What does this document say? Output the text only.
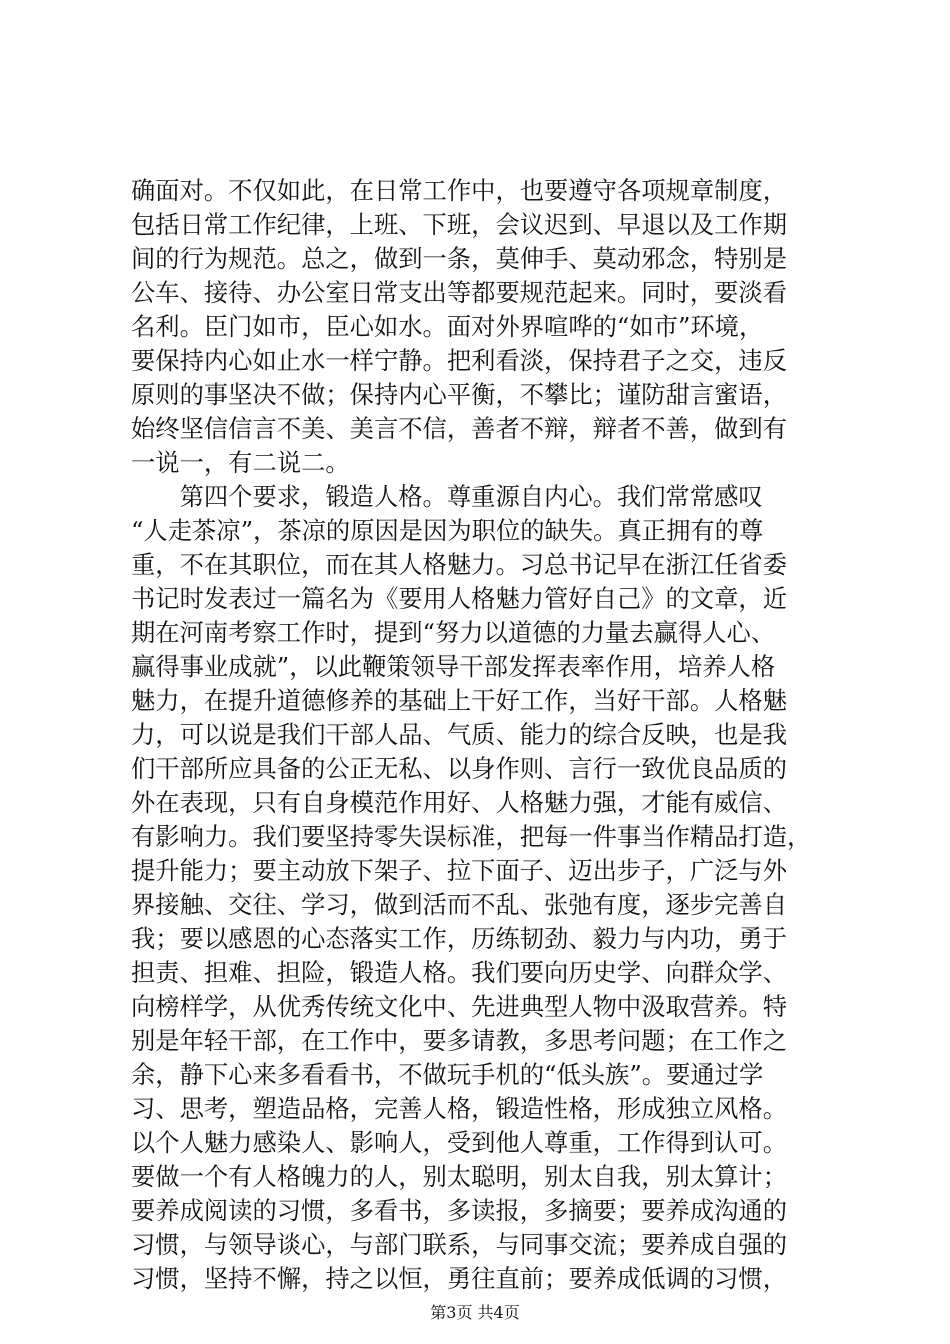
确面对。不仅如此，在日常工作中，也要遵守各项规章制度，
包括日常工作纪律，上班、下班，会议迟到、早退以及工作期
间的行为规范。总之，做到一条，莫伸手、莫动邪念，特别是
公车、接待、办公室日常支出等都要规范起来。同时，要淡看
名利。臣门如市，臣心如水。面对外界喧哗的“如市”环境，
要保持内心如止水一样宁静。把利看淡，保持君子之交，违反
原则的事坚决不做；保持内心平衡，不攀比；谨防甜言蜜语，
始终坚信信言不美、美言不信，善者不辩，辩者不善，做到有
一说一，有二说二。
　　第四个要求，锻造人格。尊重源自内心。我们常常感叹
“人走茶凉”，茶凉的原因是因为职位的缺失。真正拥有的尊
重，不在其职位，而在其人格魅力。习总书记早在浙江任省委
书记时发表过一篇名为《要用人格魅力管好自己》的文章，近
期在河南考察工作时，提到“努力以道德的力量去赢得人心、
赢得事业成就”，以此鞭策领导干部发挥表率作用，培养人格
魅力，在提升道德修养的基础上干好工作，当好干部。人格魅
力，可以说是我们干部人品、气质、能力的综合反映，也是我
们干部所应具备的公正无私、以身作则、言行一致优良品质的
外在表现，只有自身模范作用好、人格魅力强，才能有威信、
有影响力。我们要坚持零失误标准，把每一件事当作精品打造，
提升能力；要主动放下架子、拉下面子、迈出步子，广泛与外
界接触、交往、学习，做到活而不乱、张弛有度，逐步完善自
我；要以感恩的心态落实工作，历练韧劲、毅力与内功，勇于
担责、担难、担险，锻造人格。我们要向历史学、向群众学、
向榜样学，从优秀传统文化中、先进典型人物中汲取营养。特
别是年轻干部，在工作中，要多请教，多思考问题；在工作之
余，静下心来多看看书，不做玩手机的“低头族”。要通过学
习、思考，塑造品格，完善人格，锻造性格，形成独立风格。
以个人魅力感染人、影响人，受到他人尊重，工作得到认可。
要做一个有人格魄力的人，别太聪明，别太自我，别太算计；
要养成阅读的习惯，多看书，多读报，多摘要；要养成沟通的
习惯，与领导谈心，与部门联系，与同事交流；要养成自强的
习惯，坚持不懈，持之以恒，勇往直前；要养成低调的习惯，
第3页 共4页
